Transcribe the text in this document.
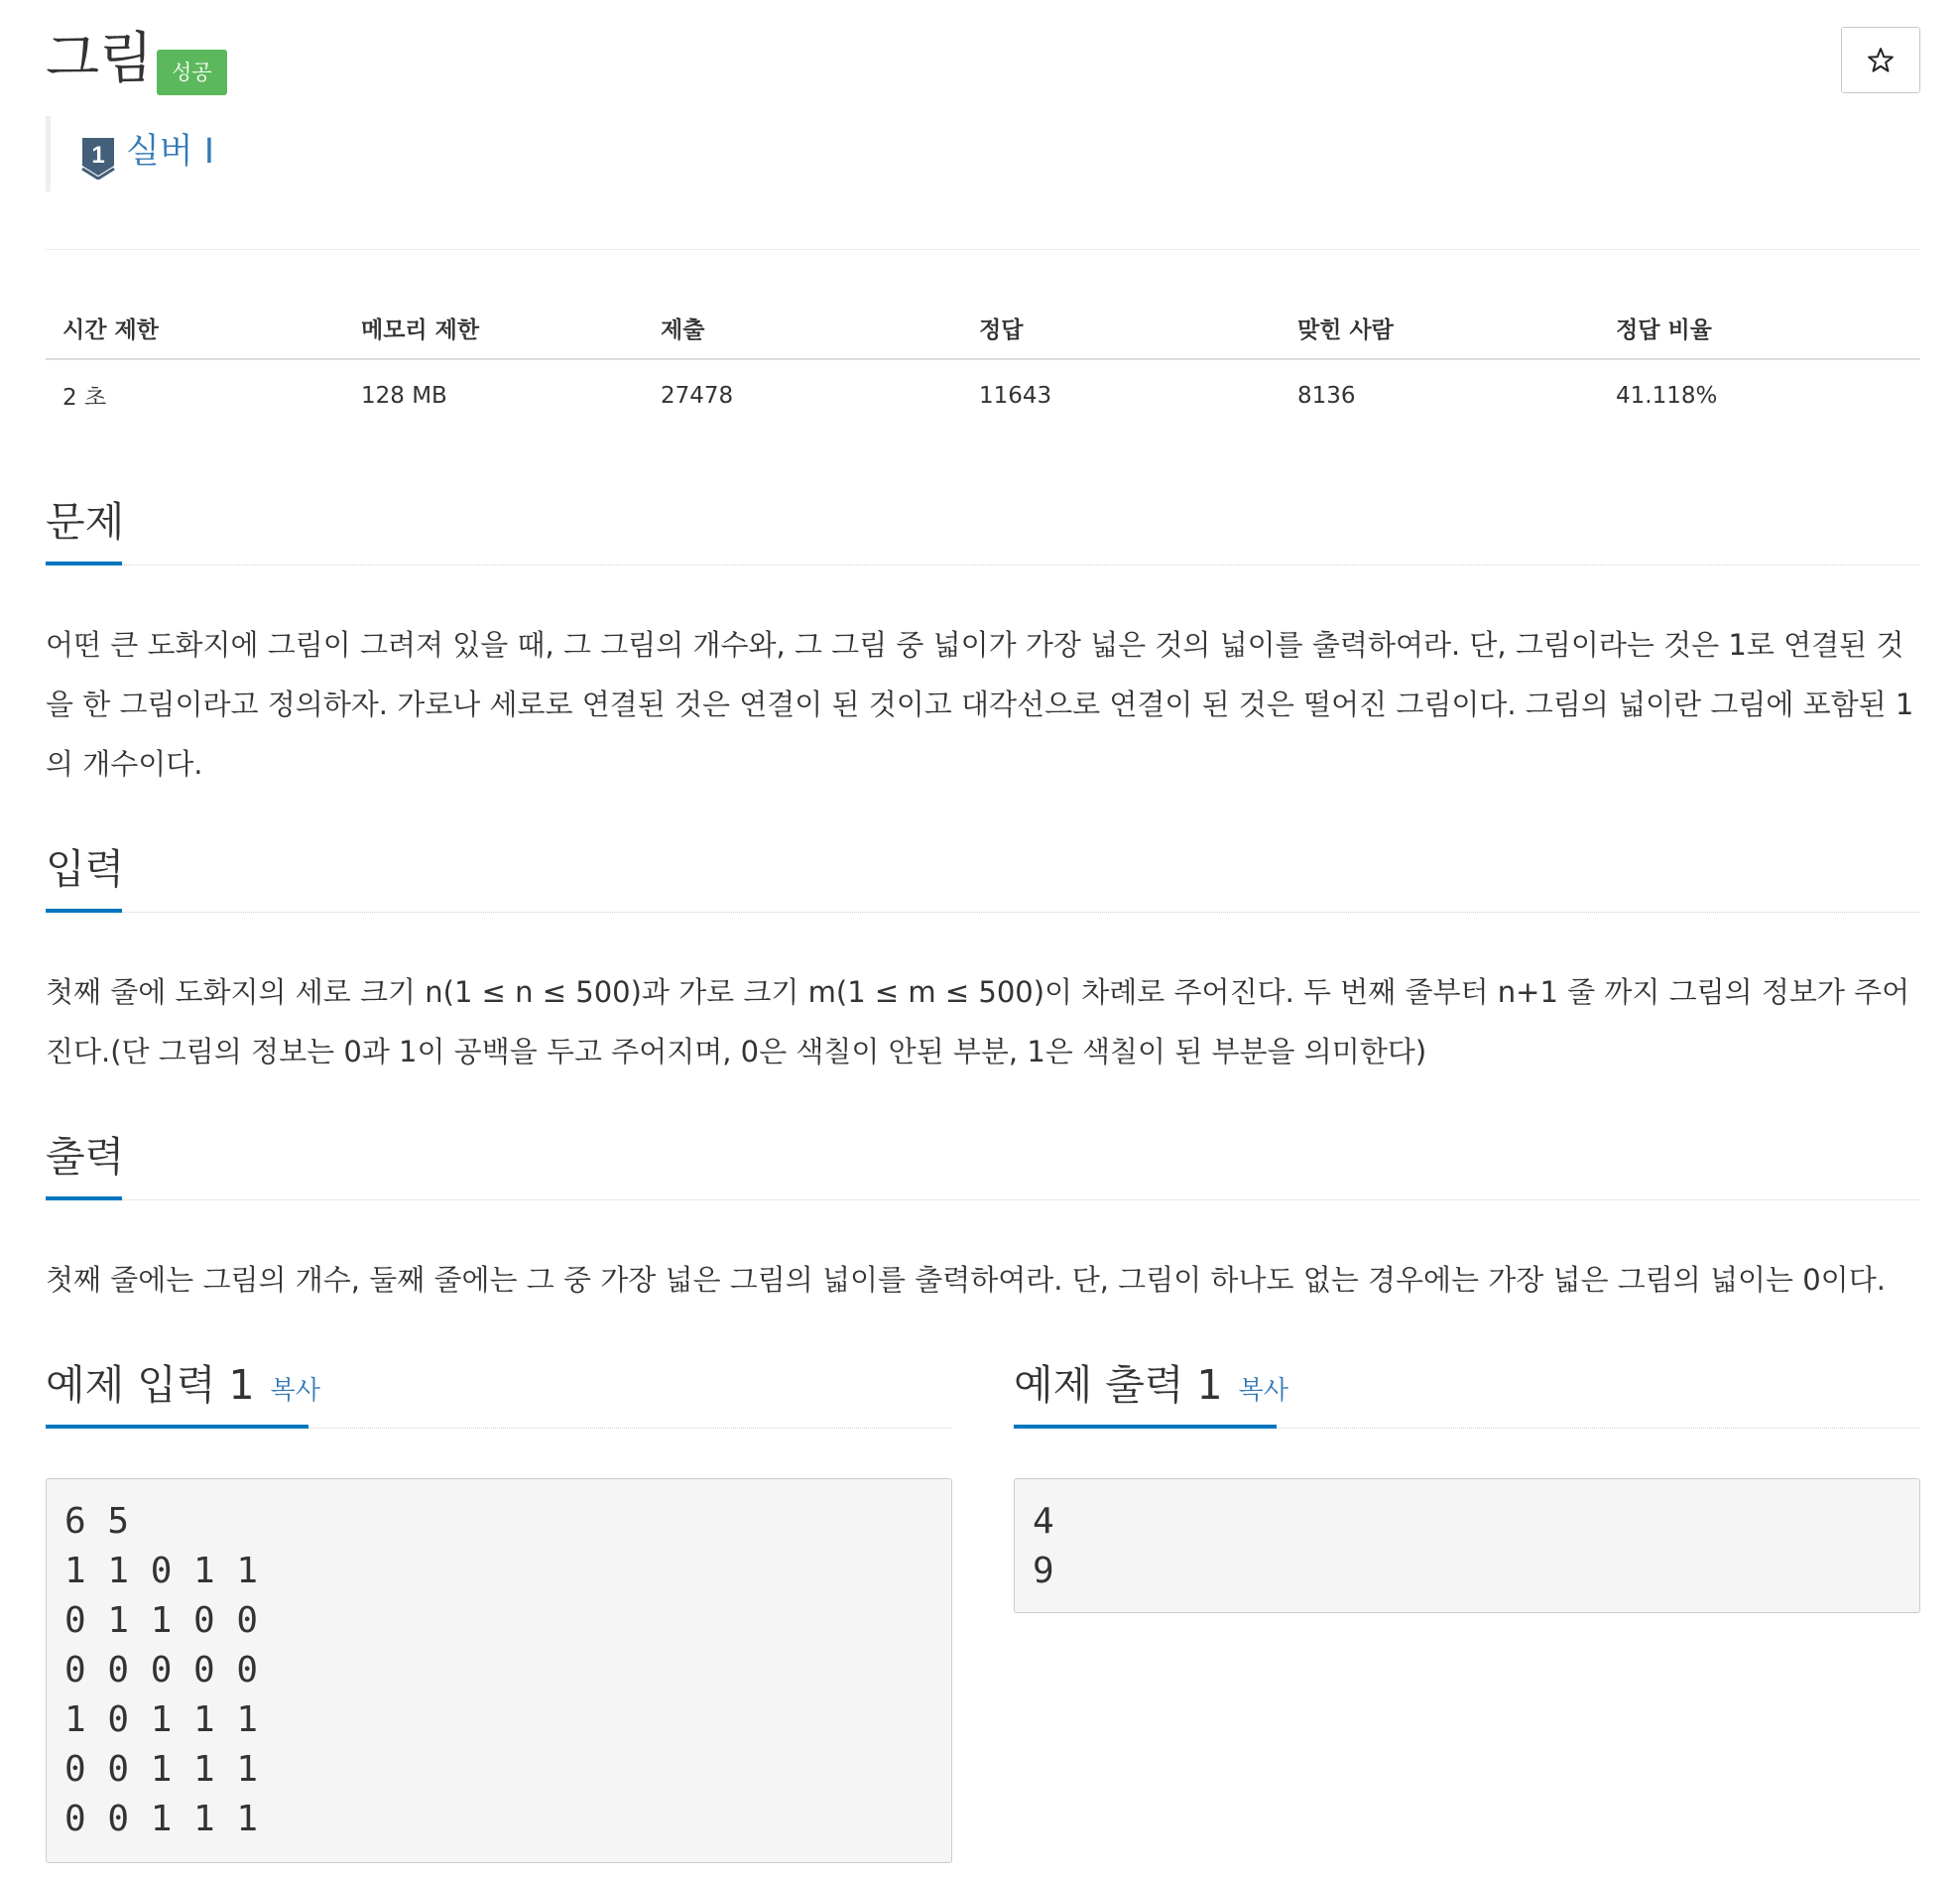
그림 성공
1 실버 I
시간 제한	메모리 제한	제출	정답	맞힌 사람	정답 비율
2 초	128 MB	27478	11643	8136	41.118%
문제

어떤 큰 도화지에 그림이 그려져 있을 때, 그 그림의 개수와, 그 그림 중 넓이가 가장 넓은 것의 넓이를 출력하여라. 단, 그림이라는 것은 1로 연결된 것을 한 그림이라고 정의하자. 가로나 세로로 연결된 것은 연결이 된 것이고 대각선으로 연결이 된 것은 떨어진 그림이다. 그림의 넓이란 그림에 포함된 1의 개수이다.

입력

첫째 줄에 도화지의 세로 크기 n(1 ≤ n ≤ 500)과 가로 크기 m(1 ≤ m ≤ 500)이 차례로 주어진다. 두 번째 줄부터 n+1 줄 까지 그림의 정보가 주어진다.(단 그림의 정보는 0과 1이 공백을 두고 주어지며, 0은 색칠이 안된 부분, 1은 색칠이 된 부분을 의미한다)

출력

첫째 줄에는 그림의 개수, 둘째 줄에는 그 중 가장 넓은 그림의 넓이를 출력하여라. 단, 그림이 하나도 없는 경우에는 가장 넓은 그림의 넓이는 0이다.

예제 입력 1 복사
6 5
1 1 0 1 1
0 1 1 0 0
0 0 0 0 0
1 0 1 1 1
0 0 1 1 1
0 0 1 1 1
예제 출력 1 복사
4
9
